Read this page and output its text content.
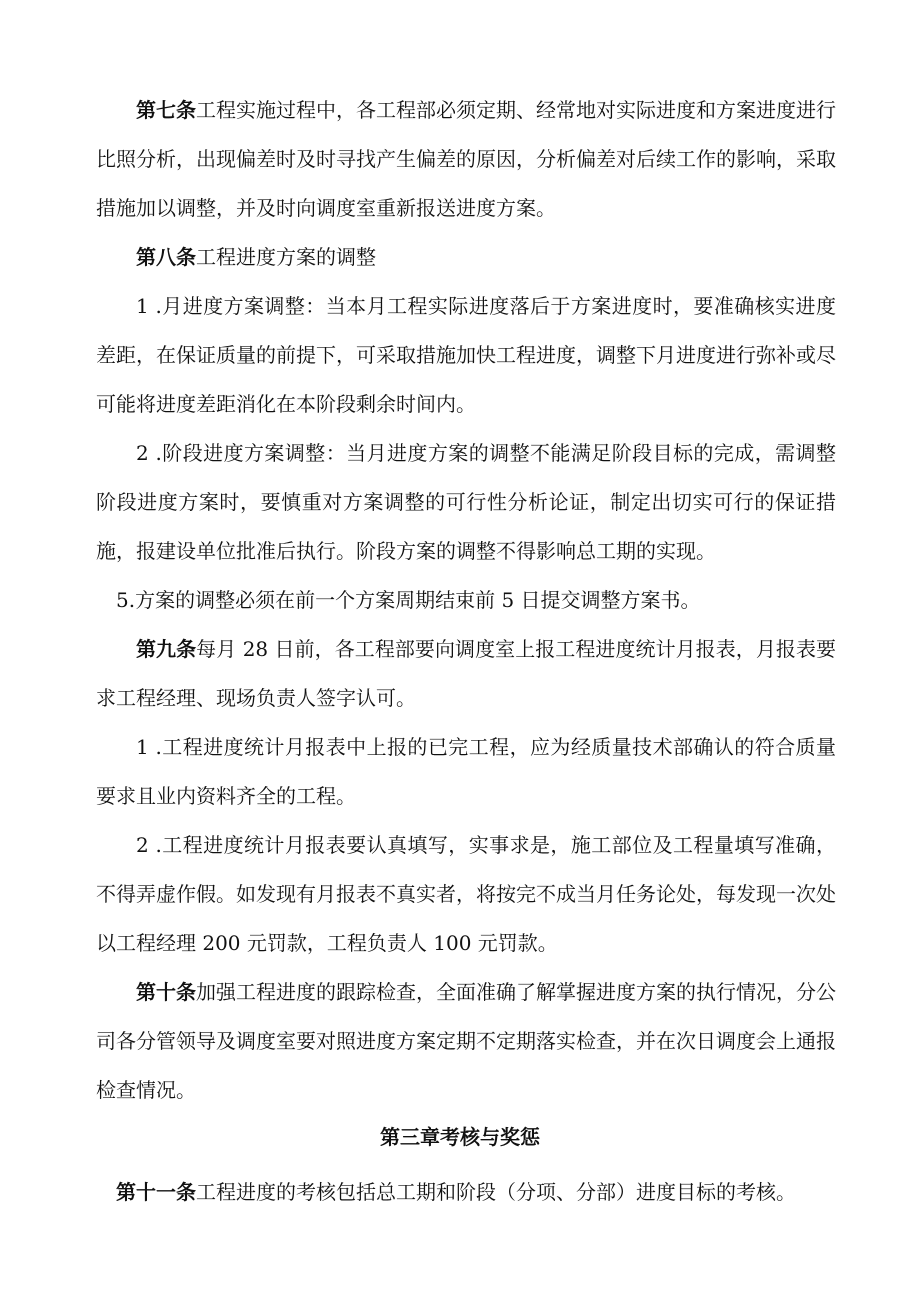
第七条工程实施过程中，各工程部必须定期、经常地对实际进度和方案进度进行比照分析，出现偏差时及时寻找产生偏差的原因，分析偏差对后续工作的影响，采取措施加以调整，并及时向调度室重新报送进度方案。

第八条工程进度方案的调整

1 .月进度方案调整：当本月工程实际进度落后于方案进度时，要准确核实进度差距，在保证质量的前提下，可采取措施加快工程进度，调整下月进度进行弥补或尽可能将进度差距消化在本阶段剩余时间内。

2 .阶段进度方案调整：当月进度方案的调整不能满足阶段目标的完成，需调整阶段进度方案时，要慎重对方案调整的可行性分析论证，制定出切实可行的保证措施，报建设单位批准后执行。阶段方案的调整不得影响总工期的实现。

5.方案的调整必须在前一个方案周期结束前 5 日提交调整方案书。

第九条每月 28 日前，各工程部要向调度室上报工程进度统计月报表，月报表要求工程经理、现场负责人签字认可。

1 .工程进度统计月报表中上报的已完工程，应为经质量技术部确认的符合质量要求且业内资料齐全的工程。

2 .工程进度统计月报表要认真填写，实事求是，施工部位及工程量填写准确，不得弄虚作假。如发现有月报表不真实者，将按完不成当月任务论处，每发现一次处以工程经理 200 元罚款，工程负责人 100 元罚款。

第十条加强工程进度的跟踪检查，全面准确了解掌握进度方案的执行情况，分公司各分管领导及调度室要对照进度方案定期不定期落实检查，并在次日调度会上通报检查情况。

第三章考核与奖惩

第十一条工程进度的考核包括总工期和阶段（分项、分部）进度目标的考核。
